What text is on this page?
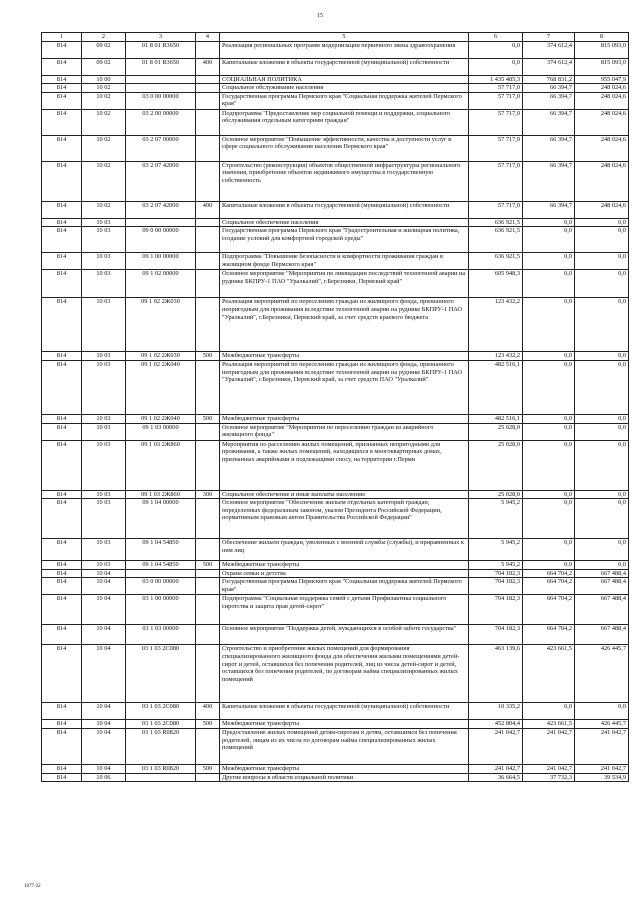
15
1	2	3	4	5	6	7	8
814	09 02	01 8 01 R3650		Реализация региональных программ модернизации первичного звена здравоохранения	0,0	374 612,4	815 093,0
814	09 02	01 8 01 R3650	400	Капитальные вложения в объекты государственной (муниципальной) собственности	0,0	374 612,4	815 093,0
814	10 00			СОЦИАЛЬНАЯ ПОЛИТИКА	1 435 485,3	768 831,2	955 047,9
814	10 02			Социальное обслуживание населения	57 717,0	66 394,7	248 024,6
814	10 02	03 0 00 00000		Государственная программа Пермского края "Социальная поддержка жителей Пермского края"	57 717,0	66 394,7	248 024,6
814	10 02	03 2 00 00000		Подпрограмма "Предоставление мер социальной помощи и поддержки, социального обслуживания отдельным категориям граждан"	57 717,0	66 394,7	248 024,6
814	10 02	03 2 07 00000		Основное мероприятие "Повышение эффективности, качества и доступности услуг в сфере социального обслуживания населения Пермского края"	57 717,0	66 394,7	248 024,6
814	10 02	03 2 07 42000		Строительство (реконструкция) объектов общественной инфраструктуры регионального значения, приобретение объектов недвижимого имущества в государственную собственность	57 717,0	66 394,7	248 024,6
814	10 02	03 2 07 42000	400	Капитальные вложения в объекты государственной (муниципальной) собственности	57 717,0	66 394,7	248 024,6
814	10 03			Социальное обеспечение населения	636 921,5	0,0	0,0
814	10 03	09 0 00 00000		Государственная программа Пермского края "Градостроительная и жилищная политика, создание условий для комфортной городской среды"	636 921,5	0,0	0,0
814	10 03	09 1 00 00000		Подпрограмма "Повышение безопасности и комфортности проживания граждан в жилищном фонде Пермского края"	636 921,5	0,0	0,0
814	10 03	09 1 02 00000		Основное мероприятие "Мероприятия по ликвидации последствий техногенной аварии на руднике БКПРУ-1 ПАО "Уралкалий", г.Березники, Пермский край"	605 948,3	0,0	0,0
814	10 03	09 1 02 2Ж030		Реализация мероприятий по переселению граждан из жилищного фонда, признанного непригодным для проживания вследствие техногенной аварии на руднике БКПРУ-1 ПАО "Уралкалий", г.Березники, Пермский край, за счет средств краевого бюджета	123 432,2	0,0	0,0
814	10 03	09 1 02 2Ж030	500	Межбюджетные трансферты	123 432,2	0,0	0,0
814	10 03	09 1 02 2Ж040		Реализация мероприятий по переселению граждан из жилищного фонда, признанного непригодным для проживания вследствие техногенной аварии на руднике БКПРУ-1 ПАО "Уралкалий", г.Березники, Пермский край, за счет средств ПАО "Уралкалий"	482 516,1	0,0	0,0
814	10 03	09 1 02 2Ж040	500	Межбюджетные трансферты	482 516,1	0,0	0,0
814	10 03	09 1 03 00000		Основное мероприятие "Мероприятия по переселению граждан из аварийного жилищного фонда"	25 028,0	0,0	0,0
814	10 03	09 1 03 2Ж860		Мероприятия по расселению жилых помещений, признанных непригодными для проживания, а также жилых помещений, находящихся в многоквартирных домах, признанных аварийными и подлежащими сносу, на территории г.Перми	25 028,0	0,0	0,0
814	10 03	09 1 03 2Ж860	300	Социальное обеспечение и иные выплаты населению	25 028,0	0,0	0,0
814	10 03	09 1 04 00000		Основное мероприятие "Обеспечение жильем отдельных категорий граждан, определенных федеральным законом, указом Президента Российской Федерации, нормативным правовым актом Правительства Российской Федерации"	5 945,2	0,0	0,0
814	10 03	09 1 04 54850		Обеспечение жильем граждан, уволенных с военной службы (службы), и приравненных к ним лиц	5 945,2	0,0	0,0
814	10 03	09 1 04 54850	500	Межбюджетные трансферты	5 945,2	0,0	0,0
814	10 04			Охрана семьи и детства	704 182,3	664 704,2	667 488,4
814	10 04	03 0 00 00000		Государственная программа Пермского края "Социальная поддержка жителей Пермского края"	704 182,3	664 704,2	667 488,4
814	10 04	03 1 00 00000		Подпрограмма "Социальная поддержка семей с детьми Профилактика социального сиротства и защита прав детей-сирот"	704 182,3	664 704,2	667 488,4
814	10 04	03 1 03 00000		Основное мероприятие "Поддержка детей, нуждающихся в особой заботе государства"	704 182,3	664 704,2	667 488,4
814	10 04	03 1 03 2С080		Строительство и приобретение жилых помещений для формирования специализированного жилищного фонда для обеспечения жилыми помещениями детей-сирот и детей, оставшихся без попечения родителей, лиц из числа детей-сирот и детей, оставшихся без попечения родителей, по договорам найма специализированных жилых помещений	463 139,6	423 661,5	426 445,7
814	10 04	03 1 03 2С080	400	Капитальные вложения в объекты государственной (муниципальной) собственности	10 335,2	0,0	0,0
814	10 04	03 1 03 2С080	500	Межбюджетные трансферты	452 804,4	423 661,5	426 445,7
814	10 04	03 1 03 R0820		Предоставление жилых помещений детям-сиротам и детям, оставшимся без попечения родителей, лицам из их числа по договорам найма специализированных жилых помещений	241 042,7	241 042,7	241 042,7
814	10 04	03 1 03 R0820	500	Межбюджетные трансферты	241 042,7	241 042,7	241 042,7
814	10 06			Другие вопросы в области социальной политики	36 664,5	37 732,3	39 534,9
1077-22
